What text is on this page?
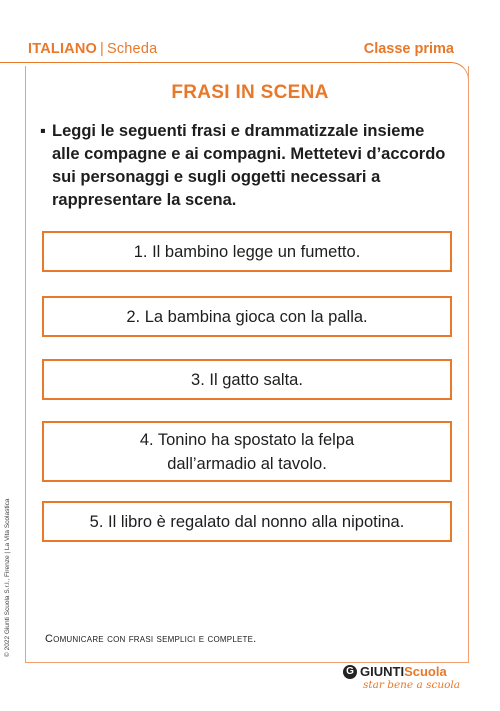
ITALIANO | Scheda	Classe prima
FRASI IN SCENA
▪ Leggi le seguenti frasi e drammatizzale insieme alle compagne e ai compagni. Mettetevi d’accordo sui personaggi e sugli oggetti necessari a rappresentare la scena.
1. Il bambino legge un fumetto.
2. La bambina gioca con la palla.
3. Il gatto salta.
4. Tonino ha spostato la felpa dall’armadio al tavolo.
5. Il libro è regalato dal nonno alla nipotina.
Comunicare con frasi semplici e complete.
© 2022 Giunti Scuola S.r.l., Firenze | La Vita Scolastica
G GIUNTI Scuola
star bene a scuola
